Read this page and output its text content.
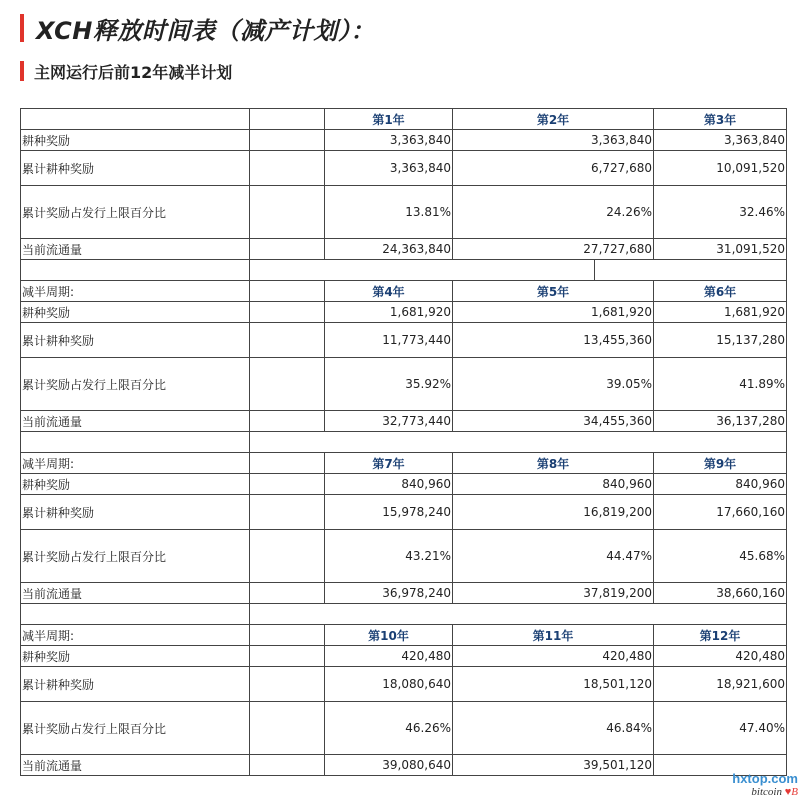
XCH释放时间表（减产计划）：
主网运行后前12年减半计划
		第1年	第2年		第3年
耕种奖励		3,363,840	3,363,840		3,363,840
累计耕种奖励		3,363,840	6,727,680		10,091,520
累计奖励占发行上限百分比		13.81%	24.26%		32.46%
当前流通量		24,363,840	27,727,680		31,091,520

减半周期:		第4年	第5年		第6年
耕种奖励		1,681,920	1,681,920		1,681,920
累计耕种奖励		11,773,440	13,455,360		15,137,280
累计奖励占发行上限百分比		35.92%	39.05%		41.89%
当前流通量		32,773,440	34,455,360		36,137,280

减半周期:		第7年	第8年		第9年
耕种奖励		840,960	840,960		840,960
累计耕种奖励		15,978,240	16,819,200		17,660,160
累计奖励占发行上限百分比		43.21%	44.47%		45.68%
当前流通量		36,978,240	37,819,200		38,660,160

减半周期:		第10年	第11年		第12年
耕种奖励		420,480	420,480		420,480
累计耕种奖励		18,080,640	18,501,120		18,921,600
累计奖励占发行上限百分比		46.26%	46.84%		47.40%
当前流通量		39,080,640	39,501,120		
hxtop.com
bitcoin ♥B
